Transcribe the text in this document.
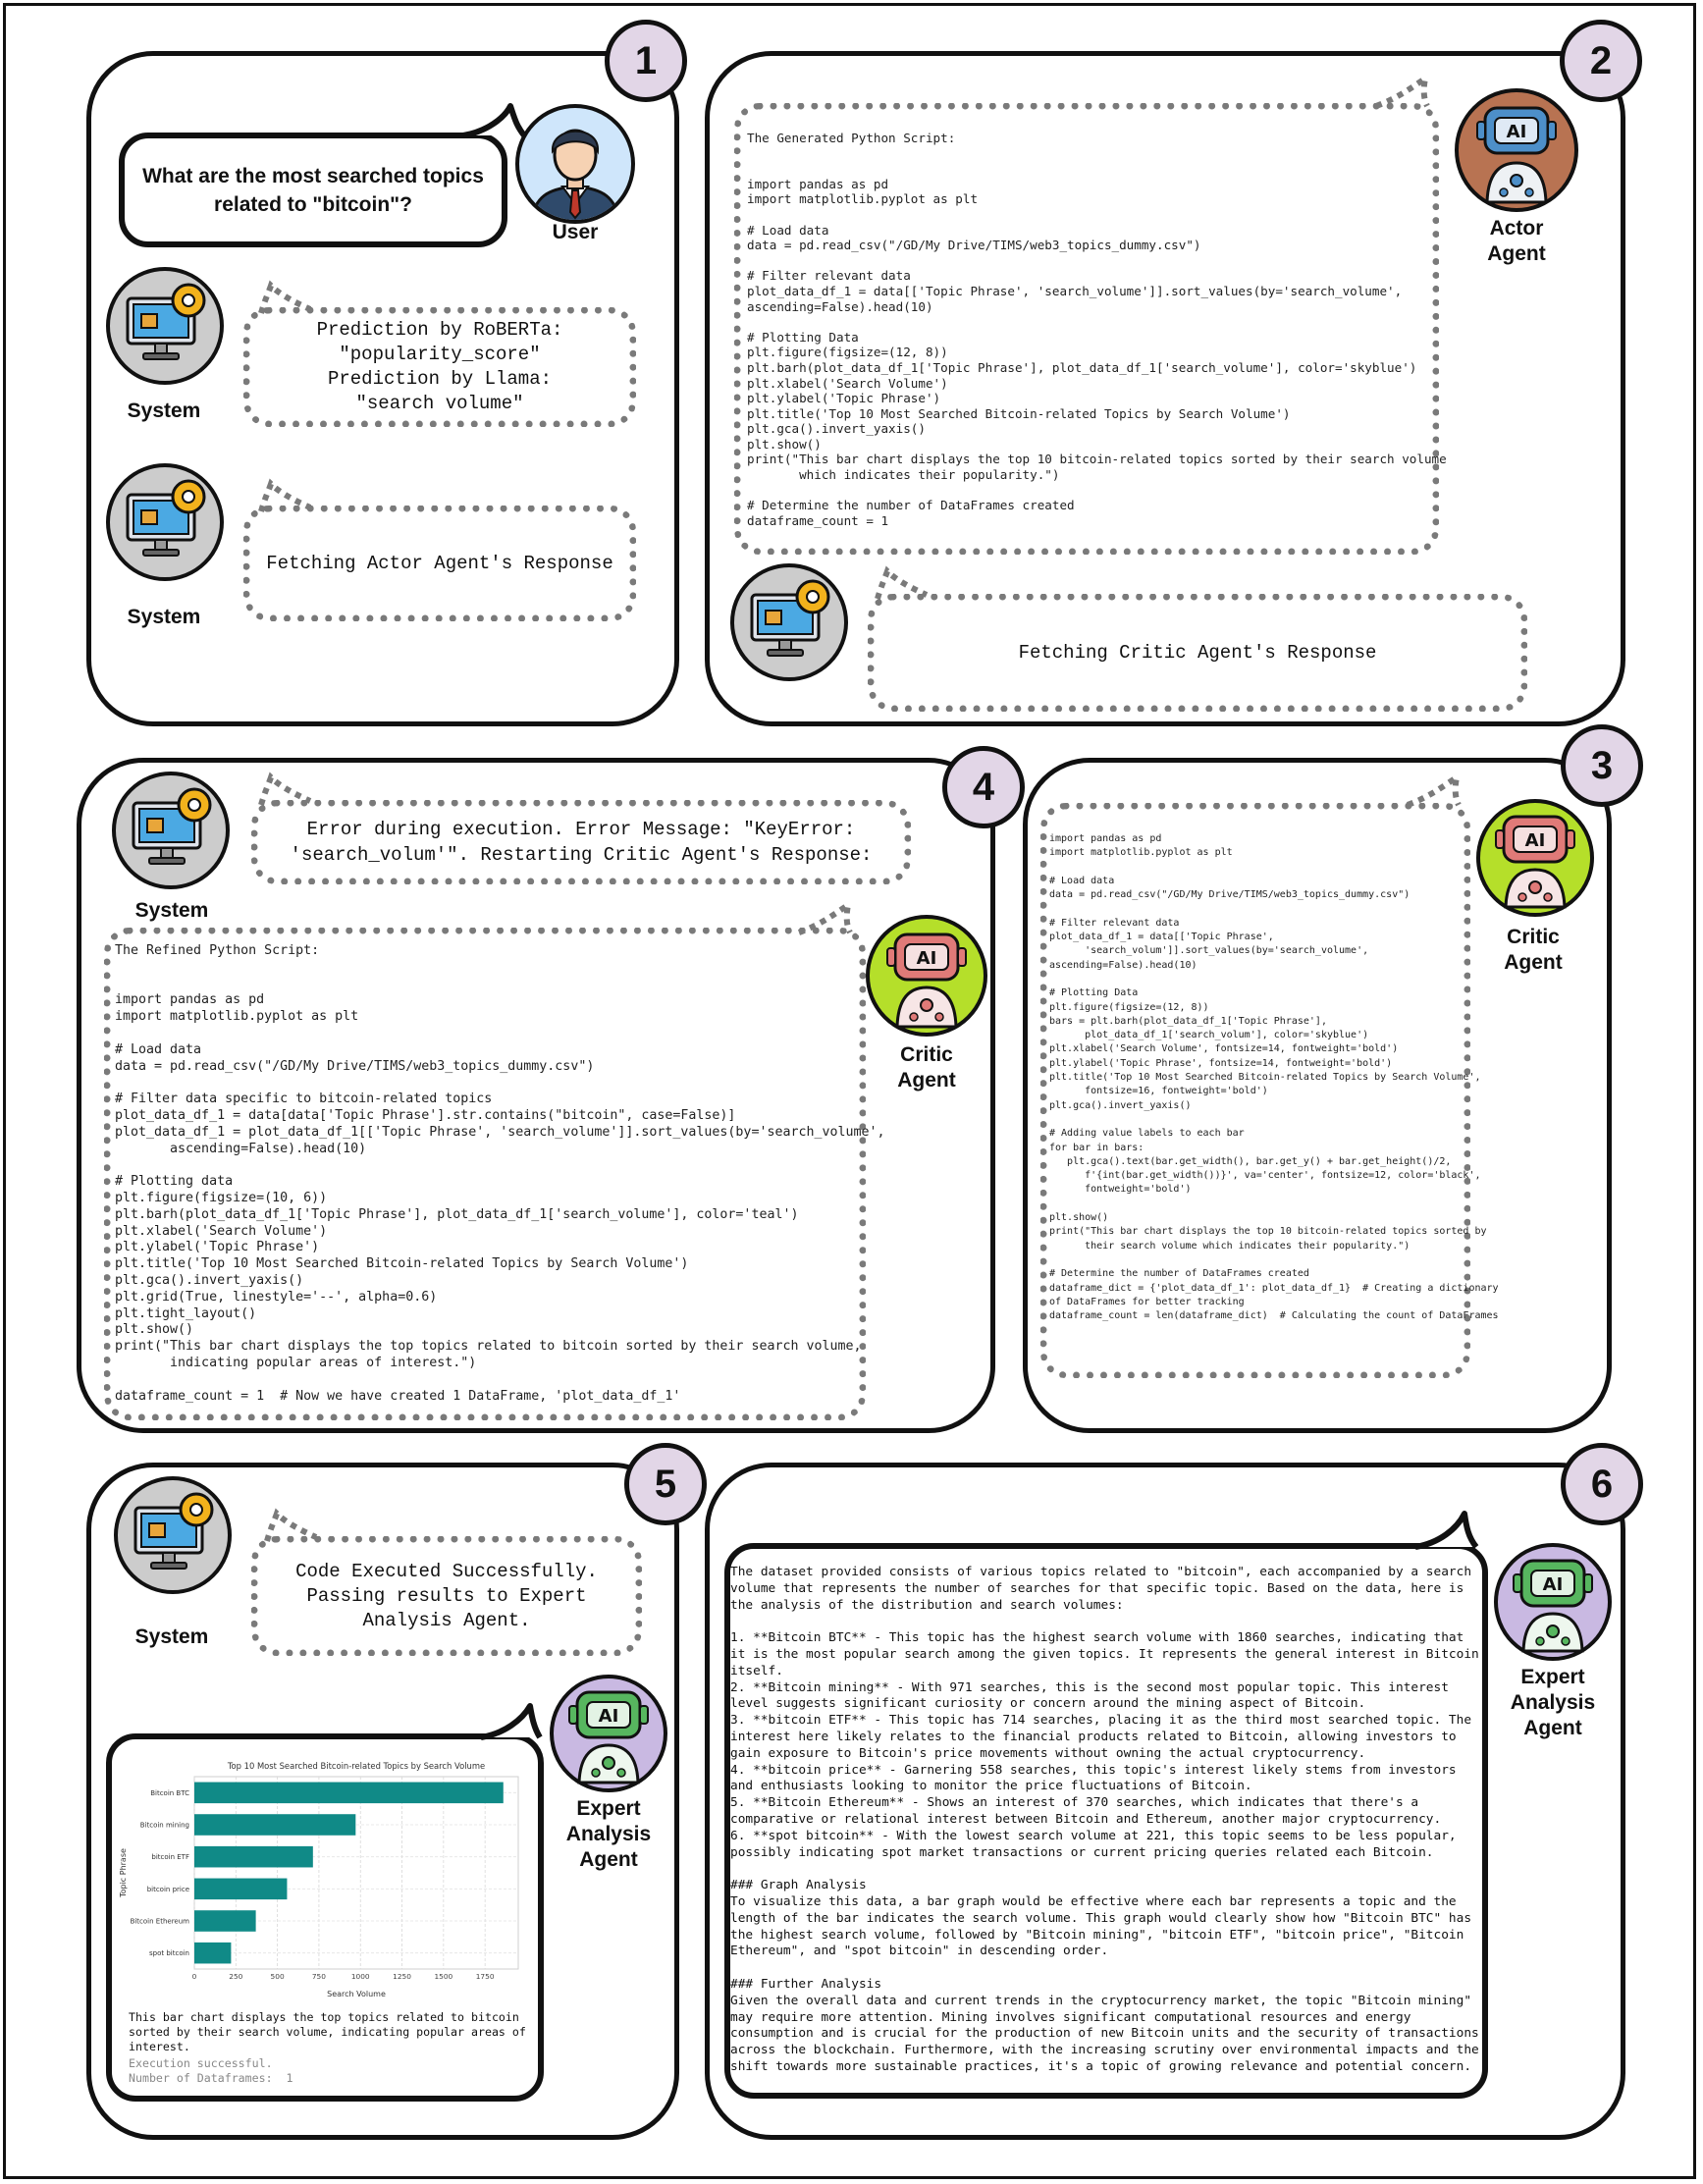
1
What are the most searched topics related to "bitcoin"?
User
System
Prediction by RoBERTa:
"popularity_score"
Prediction by Llama:
"search volume"
System
Fetching Actor Agent's Response
2
The Generated Python Script:

import pandas as pd
import matplotlib.pyplot as plt

# Load data
data = pd.read_csv("/GD/My Drive/TIMS/web3_topics_dummy.csv")

# Filter relevant data
plot_data_df_1 = data[['Topic Phrase', 'search_volume']].sort_values(by='search_volume',
ascending=False).head(10)

# Plotting Data
plt.figure(figsize=(12, 8))
plt.barh(plot_data_df_1['Topic Phrase'], plot_data_df_1['search_volume'], color='skyblue')
plt.xlabel('Search Volume')
plt.ylabel('Topic Phrase')
plt.title('Top 10 Most Searched Bitcoin-related Topics by Search Volume')
plt.gca().invert_yaxis()
plt.show()
print("This bar chart displays the top 10 bitcoin-related topics sorted by their search volume
which indicates their popularity.")

# Determine the number of DataFrames created
dataframe_count = 1
AI
Actor
Agent
Fetching Critic Agent's Response
4
System
Error during execution. Error Message: "KeyError:
'search_volum'". Restarting Critic Agent's Response:
The Refined Python Script:

import pandas as pd
import matplotlib.pyplot as plt

# Load data
data = pd.read_csv("/GD/My Drive/TIMS/web3_topics_dummy.csv")

# Filter data specific to bitcoin-related topics
plot_data_df_1 = data[data['Topic Phrase'].str.contains("bitcoin", case=False)]
plot_data_df_1 = plot_data_df_1[['Topic Phrase', 'search_volume']].sort_values(by='search_volume',
ascending=False).head(10)

# Plotting data
plt.figure(figsize=(10, 6))
plt.barh(plot_data_df_1['Topic Phrase'], plot_data_df_1['search_volume'], color='teal')
plt.xlabel('Search Volume')
plt.ylabel('Topic Phrase')
plt.title('Top 10 Most Searched Bitcoin-related Topics by Search Volume')
plt.gca().invert_yaxis()
plt.grid(True, linestyle='--', alpha=0.6)
plt.tight_layout()
plt.show()
print("This bar chart displays the top topics related to bitcoin sorted by their search volume,
indicating popular areas of interest.")

dataframe_count = 1  # Now we have created 1 DataFrame, 'plot_data_df_1'
AI
Critic
Agent
3
import pandas as pd
import matplotlib.pyplot as plt

# Load data
data = pd.read_csv("/GD/My Drive/TIMS/web3_topics_dummy.csv")

# Filter relevant data
plot_data_df_1 = data[['Topic Phrase',
'search_volum']].sort_values(by='search_volume',
ascending=False).head(10)

# Plotting Data
plt.figure(figsize=(12, 8))
bars = plt.barh(plot_data_df_1['Topic Phrase'],
plot_data_df_1['search_volum'], color='skyblue')
plt.xlabel('Search Volume', fontsize=14, fontweight='bold')
plt.ylabel('Topic Phrase', fontsize=14, fontweight='bold')
plt.title('Top 10 Most Searched Bitcoin-related Topics by Search Volume',
fontsize=16, fontweight='bold')
plt.gca().invert_yaxis()

# Adding value labels to each bar
for bar in bars:
plt.gca().text(bar.get_width(), bar.get_y() + bar.get_height()/2,
f'{int(bar.get_width())}', va='center', fontsize=12, color='black',
fontweight='bold')

plt.show()
print("This bar chart displays the top 10 bitcoin-related topics sorted by
their search volume which indicates their popularity.")

# Determine the number of DataFrames created
dataframe_dict = {'plot_data_df_1': plot_data_df_1}  # Creating a dictionary
of DataFrames for better tracking
dataframe_count = len(dataframe_dict)  # Calculating the count of DataFrames
AI
Critic
Agent
5
System
Code Executed Successfully.
Passing results to Expert
Analysis Agent.
Top 10 Most Searched Bitcoin-related Topics by Search Volume
0	250	500	750	1000	1250	1500	1750
Bitcoin BTC
Bitcoin mining
bitcoin ETF
bitcoin price
Bitcoin Ethereum
spot bitcoin
Search Volume
Topic Phrase
This bar chart displays the top topics related to bitcoin
sorted by their search volume, indicating popular areas of
interest.
Execution successful.
Number of Dataframes:  1
AI
Expert
Analysis
Agent
6
The dataset provided consists of various topics related to "bitcoin", each accompanied by a search
volume that represents the number of searches for that specific topic. Based on the data, here is
the analysis of the distribution and search volumes:

1. **Bitcoin BTC** - This topic has the highest search volume with 1860 searches, indicating that
it is the most popular search among the given topics. It represents the general interest in Bitcoin
itself.
2. **Bitcoin mining** - With 971 searches, this is the second most popular topic. This interest
level suggests significant curiosity or concern around the mining aspect of Bitcoin.
3. **bitcoin ETF** - This topic has 714 searches, placing it as the third most searched topic. The
interest here likely relates to the financial products related to Bitcoin, allowing investors to
gain exposure to Bitcoin's price movements without owning the actual cryptocurrency.
4. **bitcoin price** - Garnering 558 searches, this topic's interest likely stems from investors
and enthusiasts looking to monitor the price fluctuations of Bitcoin.
5. **Bitcoin Ethereum** - Shows an interest of 370 searches, which indicates that there's a
comparative or relational interest between Bitcoin and Ethereum, another major cryptocurrency.
6. **spot bitcoin** - With the lowest search volume at 221, this topic seems to be less popular,
possibly indicating spot market transactions or current pricing queries related each Bitcoin.

### Graph Analysis
To visualize this data, a bar graph would be effective where each bar represents a topic and the
length of the bar indicates the search volume. This graph would clearly show how "Bitcoin BTC" has
the highest search volume, followed by "Bitcoin mining", "bitcoin ETF", "bitcoin price", "Bitcoin
Ethereum", and "spot bitcoin" in descending order.

### Further Analysis
Given the overall data and current trends in the cryptocurrency market, the topic "Bitcoin mining"
may require more attention. Mining involves significant computational resources and energy
consumption and is crucial for the production of new Bitcoin units and the security of transactions
across the blockchain. Furthermore, with the increasing scrutiny over environmental impacts and the
shift towards more sustainable practices, it's a topic of growing relevance and potential concern.
AI
Expert
Analysis
Agent
